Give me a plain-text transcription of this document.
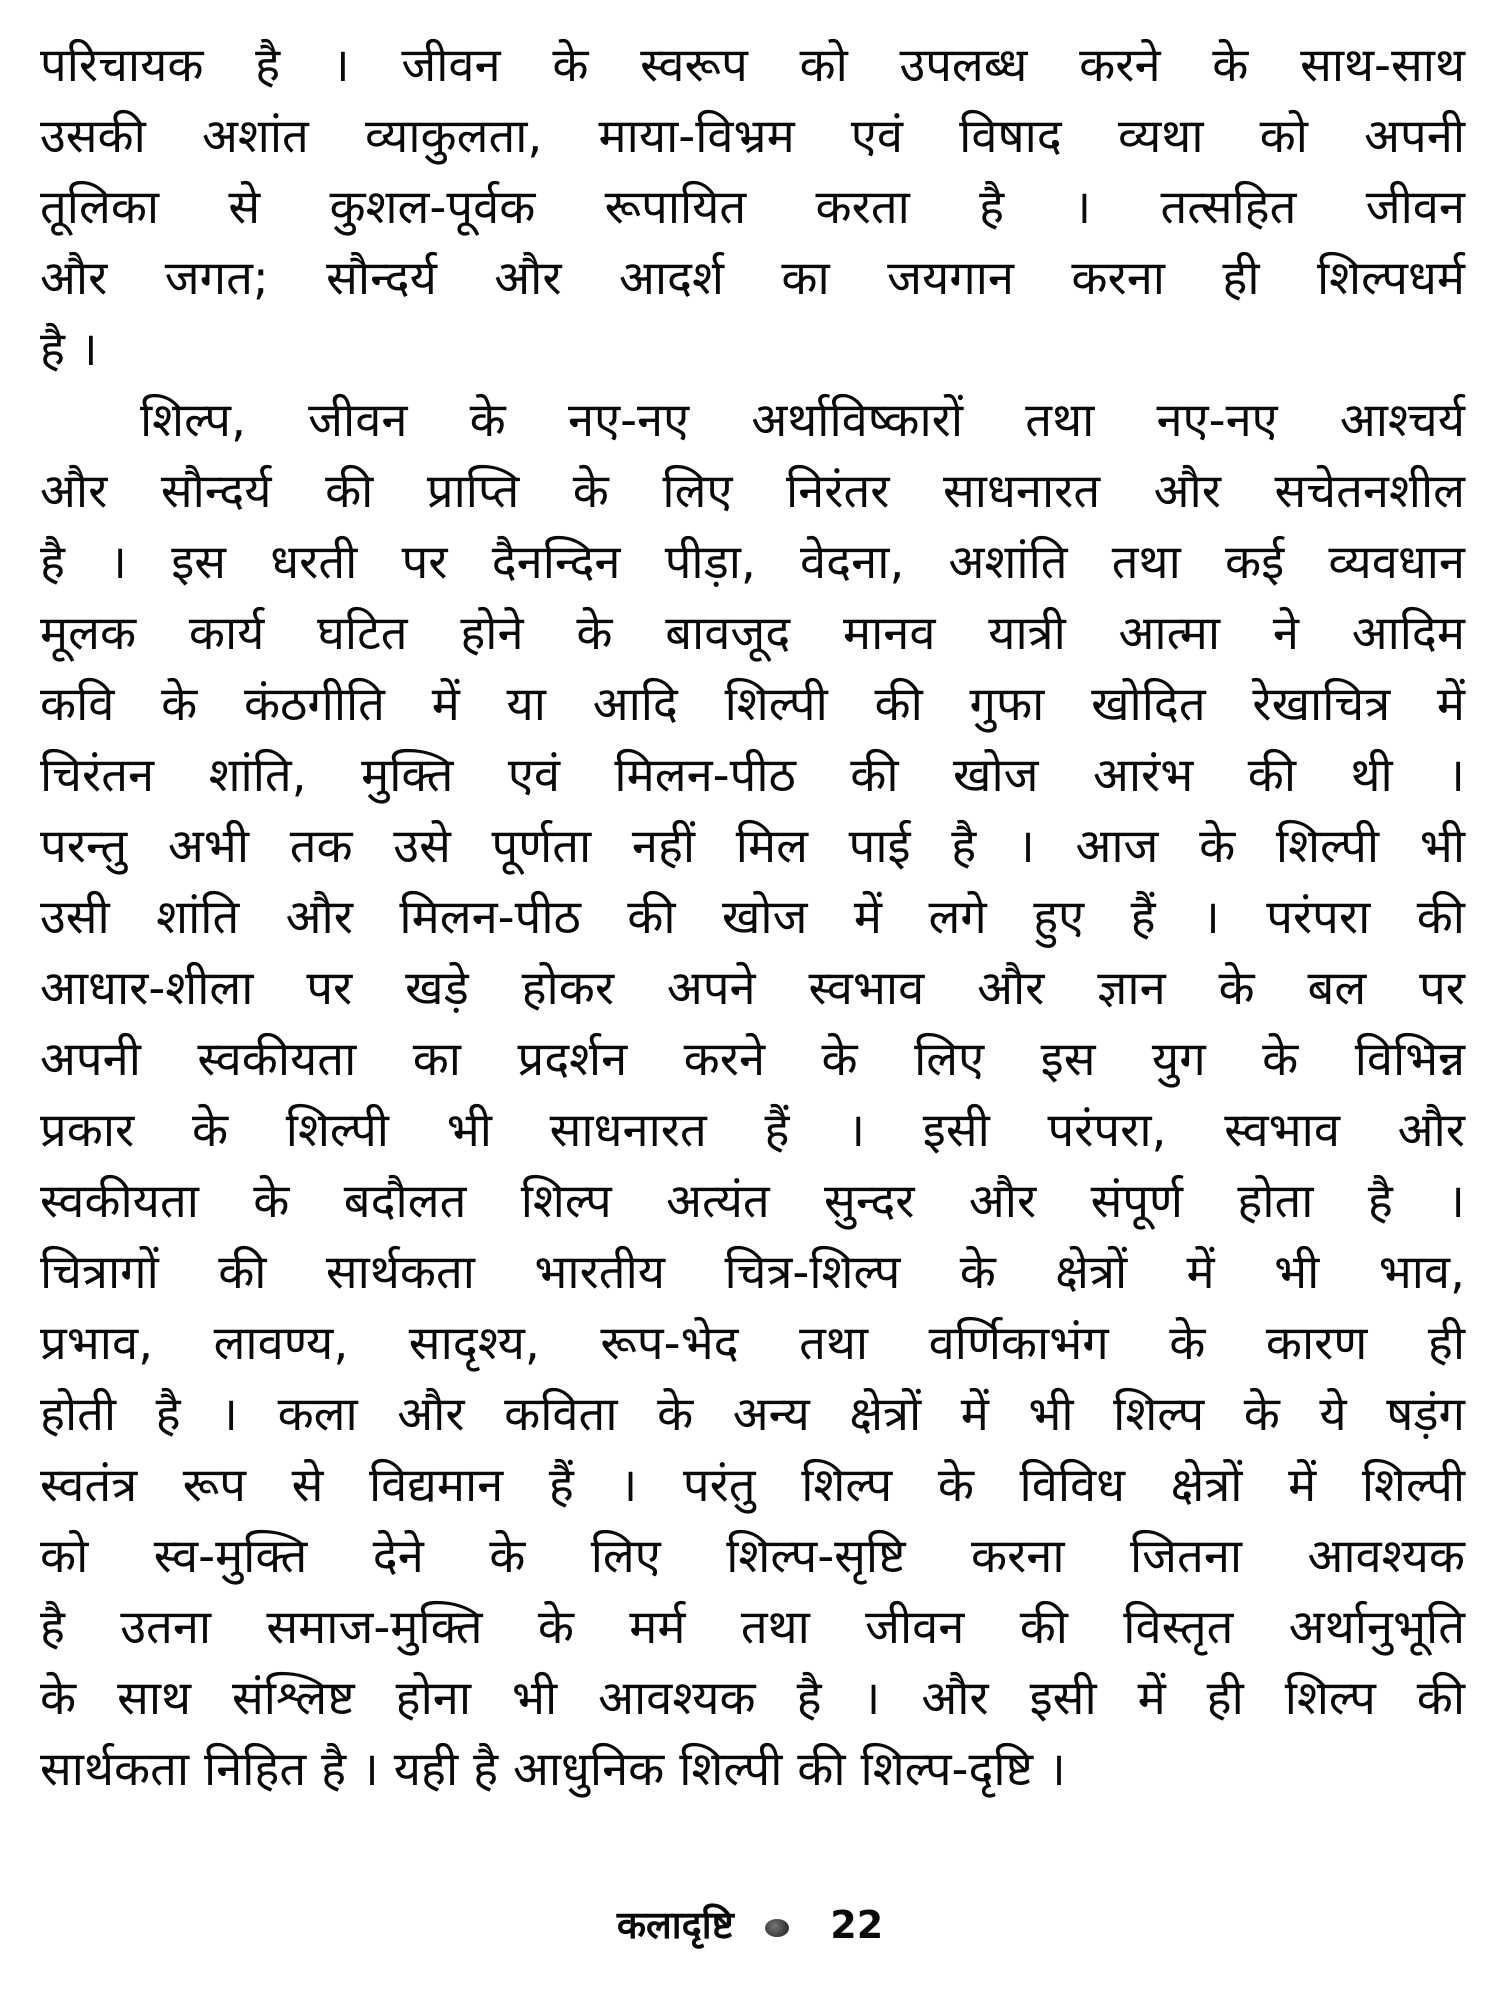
परिचायक है । जीवन के स्वरूप को उपलब्ध करने के साथ-साथ
उसकी अशांत व्याकुलता, माया-विभ्रम एवं विषाद व्यथा को अपनी
तूलिका से कुशल-पूर्वक रूपायित करता है । तत्सहित जीवन
और जगत; सौन्दर्य और आदर्श का जयगान करना ही शिल्पधर्म
है ।
शिल्प, जीवन के नए-नए अर्थाविष्कारों तथा नए-नए आश्चर्य
और सौन्दर्य की प्राप्ति के लिए निरंतर साधनारत और सचेतनशील
है । इस धरती पर दैनन्दिन पीड़ा, वेदना, अशांति तथा कई व्यवधान
मूलक कार्य घटित होने के बावजूद मानव यात्री आत्मा ने आदिम
कवि के कंठगीति में या आदि शिल्पी की गुफा खोदित रेखाचित्र में
चिरंतन शांति, मुक्ति एवं मिलन-पीठ की खोज आरंभ की थी ।
परन्तु अभी तक उसे पूर्णता नहीं मिल पाई है । आज के शिल्पी भी
उसी शांति और मिलन-पीठ की खोज में लगे हुए हैं । परंपरा की
आधार-शीला पर खड़े होकर अपने स्वभाव और ज्ञान के बल पर
अपनी स्वकीयता का प्रदर्शन करने के लिए इस युग के विभिन्न
प्रकार के शिल्पी भी साधनारत हैं । इसी परंपरा, स्वभाव और
स्वकीयता के बदौलत शिल्प अत्यंत सुन्दर और संपूर्ण होता है ।
चित्रागों की सार्थकता भारतीय चित्र-शिल्प के क्षेत्रों में भी भाव,
प्रभाव, लावण्य, सादृश्य, रूप-भेद तथा वर्णिकाभंग के कारण ही
होती है । कला और कविता के अन्य क्षेत्रों में भी शिल्प के ये षड़ंग
स्वतंत्र रूप से विद्यमान हैं । परंतु शिल्प के विविध क्षेत्रों में शिल्पी
को स्व-मुक्ति देने के लिए शिल्प-सृष्टि करना जितना आवश्यक
है उतना समाज-मुक्ति के मर्म तथा जीवन की विस्तृत अर्थानुभूति
के साथ संश्लिष्ट होना भी आवश्यक है । और इसी में ही शिल्प की
सार्थकता निहित है । यही है आधुनिक शिल्पी की शिल्प-दृष्टि ।
कलादृष्टि	22
